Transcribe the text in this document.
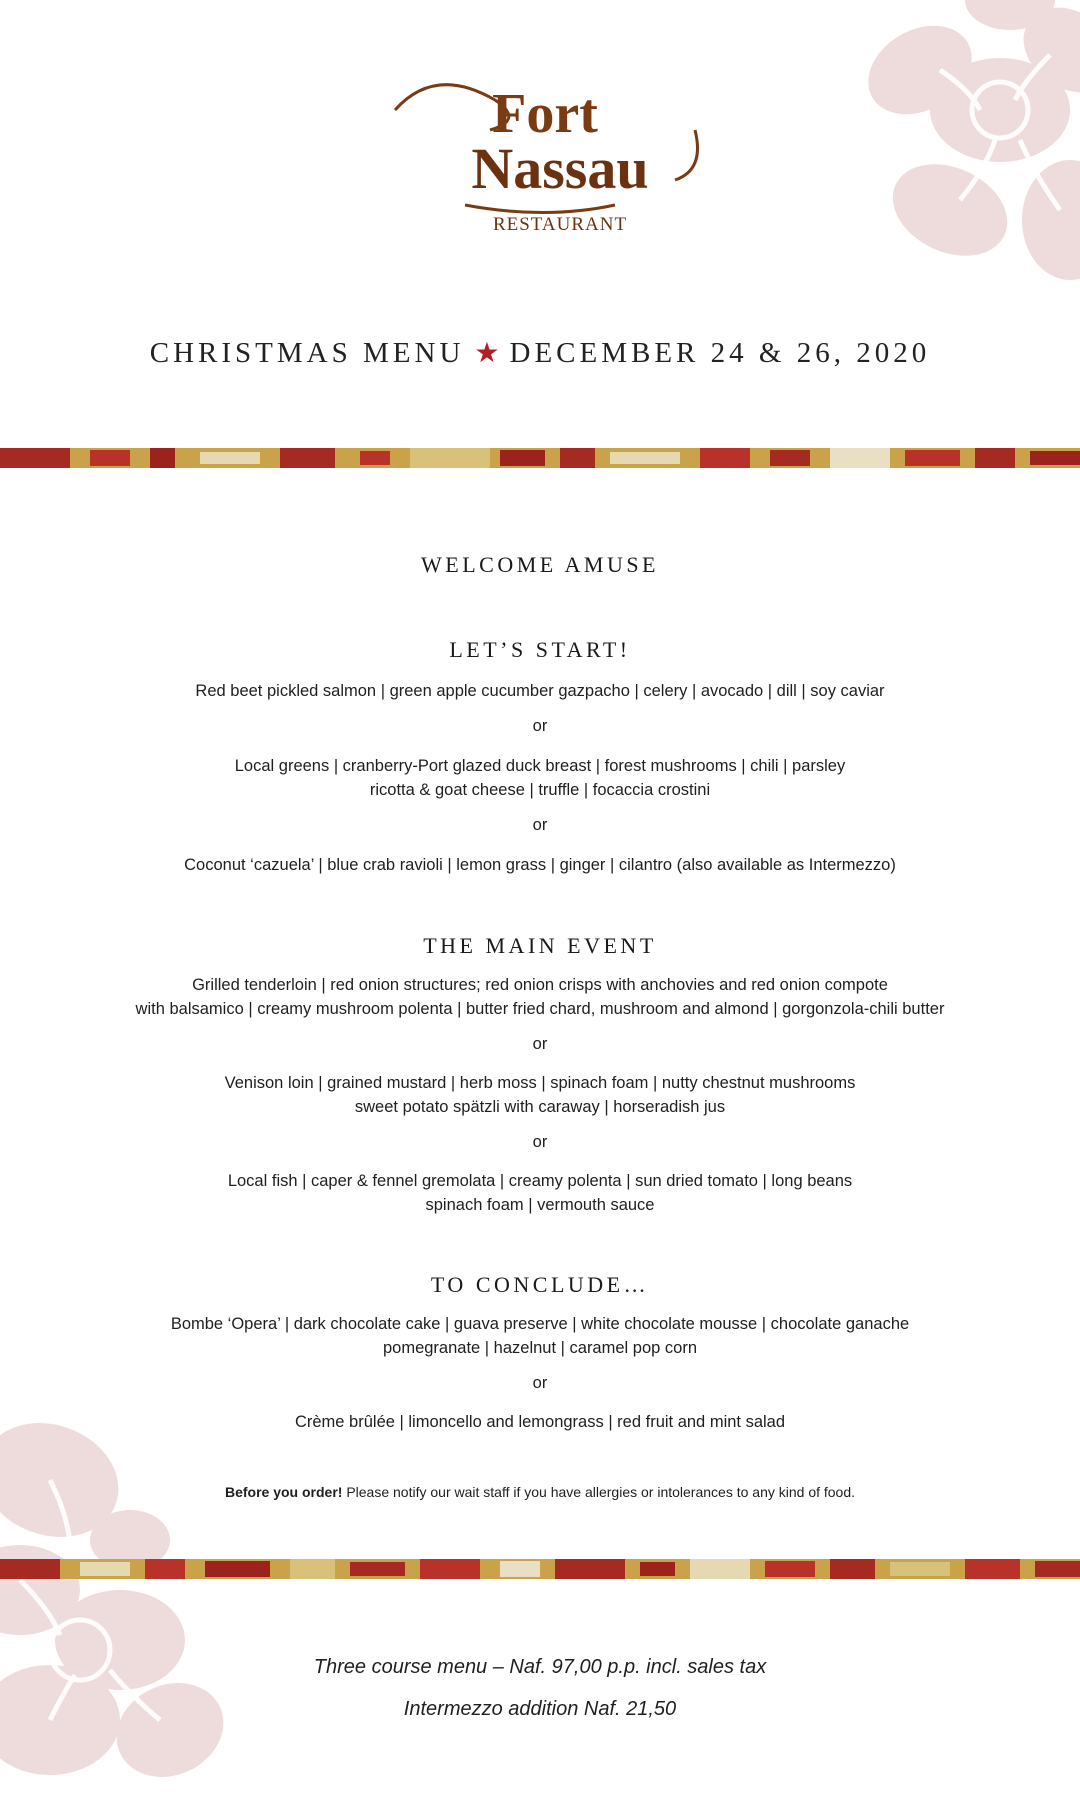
Fort
Nassau
RESTAURANT
CHRISTMAS MENU ★ DECEMBER 24 & 26, 2020
WELCOME AMUSE
LET’S START!
Red beet pickled salmon | green apple cucumber gazpacho | celery | avocado | dill | soy caviar
or
Local greens | cranberry-Port glazed duck breast | forest mushrooms | chili | parsley
ricotta & goat cheese | truffle | focaccia crostini
or
Coconut ‘cazuela’ | blue crab ravioli | lemon grass | ginger | cilantro (also available as Intermezzo)
THE MAIN EVENT
Grilled tenderloin | red onion structures; red onion crisps with anchovies and red onion compote
with balsamico | creamy mushroom polenta | butter fried chard, mushroom and almond | gorgonzola-chili butter
or
Venison loin | grained mustard | herb moss | spinach foam | nutty chestnut mushrooms
sweet potato spätzli with caraway | horseradish jus
or
Local fish | caper & fennel gremolata | creamy polenta | sun dried tomato | long beans
spinach foam | vermouth sauce
TO CONCLUDE…
Bombe ‘Opera’ | dark chocolate cake | guava preserve | white chocolate mousse | chocolate ganache
pomegranate | hazelnut | caramel pop corn
or
Crème brûlée | limoncello and lemongrass | red fruit and mint salad
Before you order! Please notify our wait staff if you have allergies or intolerances to any kind of food.
Three course menu – Naf. 97,00 p.p. incl. sales tax
Intermezzo addition Naf. 21,50
